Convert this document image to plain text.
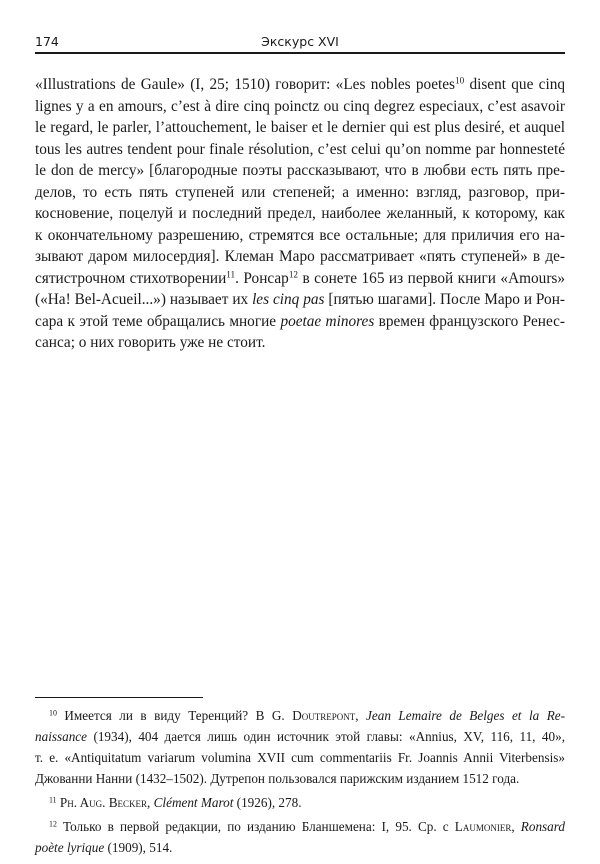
174	Экскурс XVI
«Illustrations de Gaule» (I, 25; 1510) говорит: «Les nobles poetes$^{10}$ disent que cinq
lignes y a en amours, c’est à dire cinq poinctz ou cinq degrez especiaux, c’est asavoir
le regard, le parler, l’attouchement, le baiser et le dernier qui est plus desiré, et auquel
tous les autres tendent pour finale résolution, c’est celui qu’on nomme par honnesteté
le don de mercy» [благородные поэты рассказывают, что в любви есть пять пре-
делов, то есть пять ступеней или степеней; а именно: взгляд, разговор, при-
косновение, поцелуй и последний предел, наиболее желанный, к которому, как
к окончательному разрешению, стремятся все остальные; для приличия его на-
зывают даром милосердия]. Клеман Маро рассматривает «пять ступеней» в де-
сятистрочном стихотворении$^{11}$. Ронсар$^{12}$ в сонете 165 из первой книги «Amours»
(«Ha! Bel-Acueil...») называет их les cinq pas [пятью шагами]. После Маро и Рон-
сара к этой теме обращались многие poetae minores времен французского Ренес-
санса; о них говорить уже не стоит.
$^{10}$ Имеется ли в виду Теренций? В G. Doutrepont, Jean Lemaire de Belges et la Re-
naissance (1934), 404 дается лишь один источник этой главы: «Annius, XV, 116, 11, 40»,
т. е. «Antiquitatum variarum volumina XVII cum commentariis Fr. Joannis Annii Viterbensis»
Джованни Нанни (1432–1502). Дутрепон пользовался парижским изданием 1512 года.
$^{11}$ Ph. Aug. Becker, Clément Marot (1926), 278.
$^{12}$ Только в первой редакции, по изданию Бланшемена: I, 95. Ср. с Laumonier, Ronsard
poète lyrique (1909), 514.
